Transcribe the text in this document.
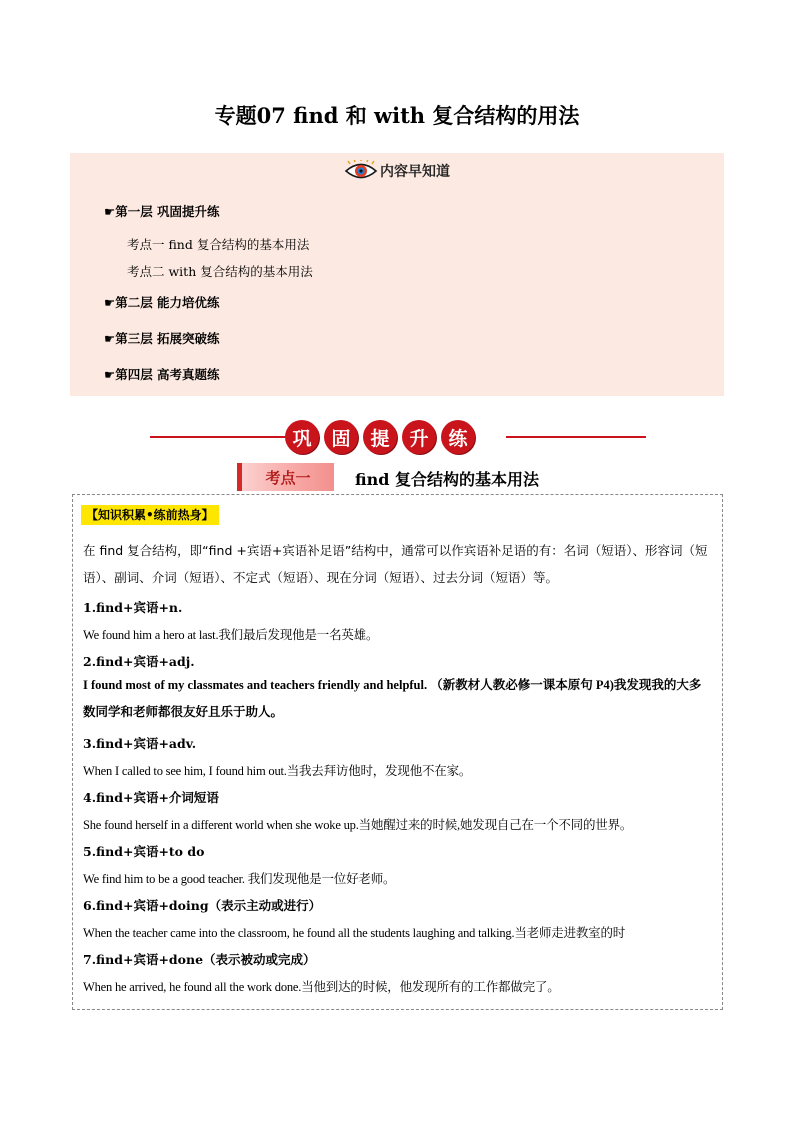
专题07 find 和 with 复合结构的用法
内容早知道
☛第一层 巩固提升练
考点一 find 复合结构的基本用法
考点二 with 复合结构的基本用法
☛第二层 能力培优练
☛第三层 拓展突破练
☛第四层 高考真题练
巩	固	提	升	练
考点一	find 复合结构的基本用法
【知识积累•练前热身】
在 find 复合结构，即“find +宾语+宾语补足语”结构中，通常可以作宾语补足语的有：名词（短语）、形容词（短语）、副词、介词（短语）、不定式（短语）、现在分词（短语）、过去分词（短语）等。
1.find+宾语+n.
We found him a hero at last.我们最后发现他是一名英雄。
2.find+宾语+adj.
I found most of my classmates and teachers friendly and helpful. （新教材人教必修一课本原句 P4)我发现我的大多数同学和老师都很友好且乐于助人。
3.find+宾语+adv.
When I called to see him, I found him out.当我去拜访他时，发现他不在家。
4.find+宾语+介词短语
She found herself in a different world when she woke up.当她醒过来的时候,她发现自己在一个不同的世界。
5.find+宾语+to do
We find him to be a good teacher. 我们发现他是一位好老师。
6.find+宾语+doing（表示主动或进行）
When the teacher came into the classroom, he found all the students laughing and talking.当老师走进教室的时
7.find+宾语+done（表示被动或完成）
When he arrived, he found all the work done.当他到达的时候，他发现所有的工作都做完了。
